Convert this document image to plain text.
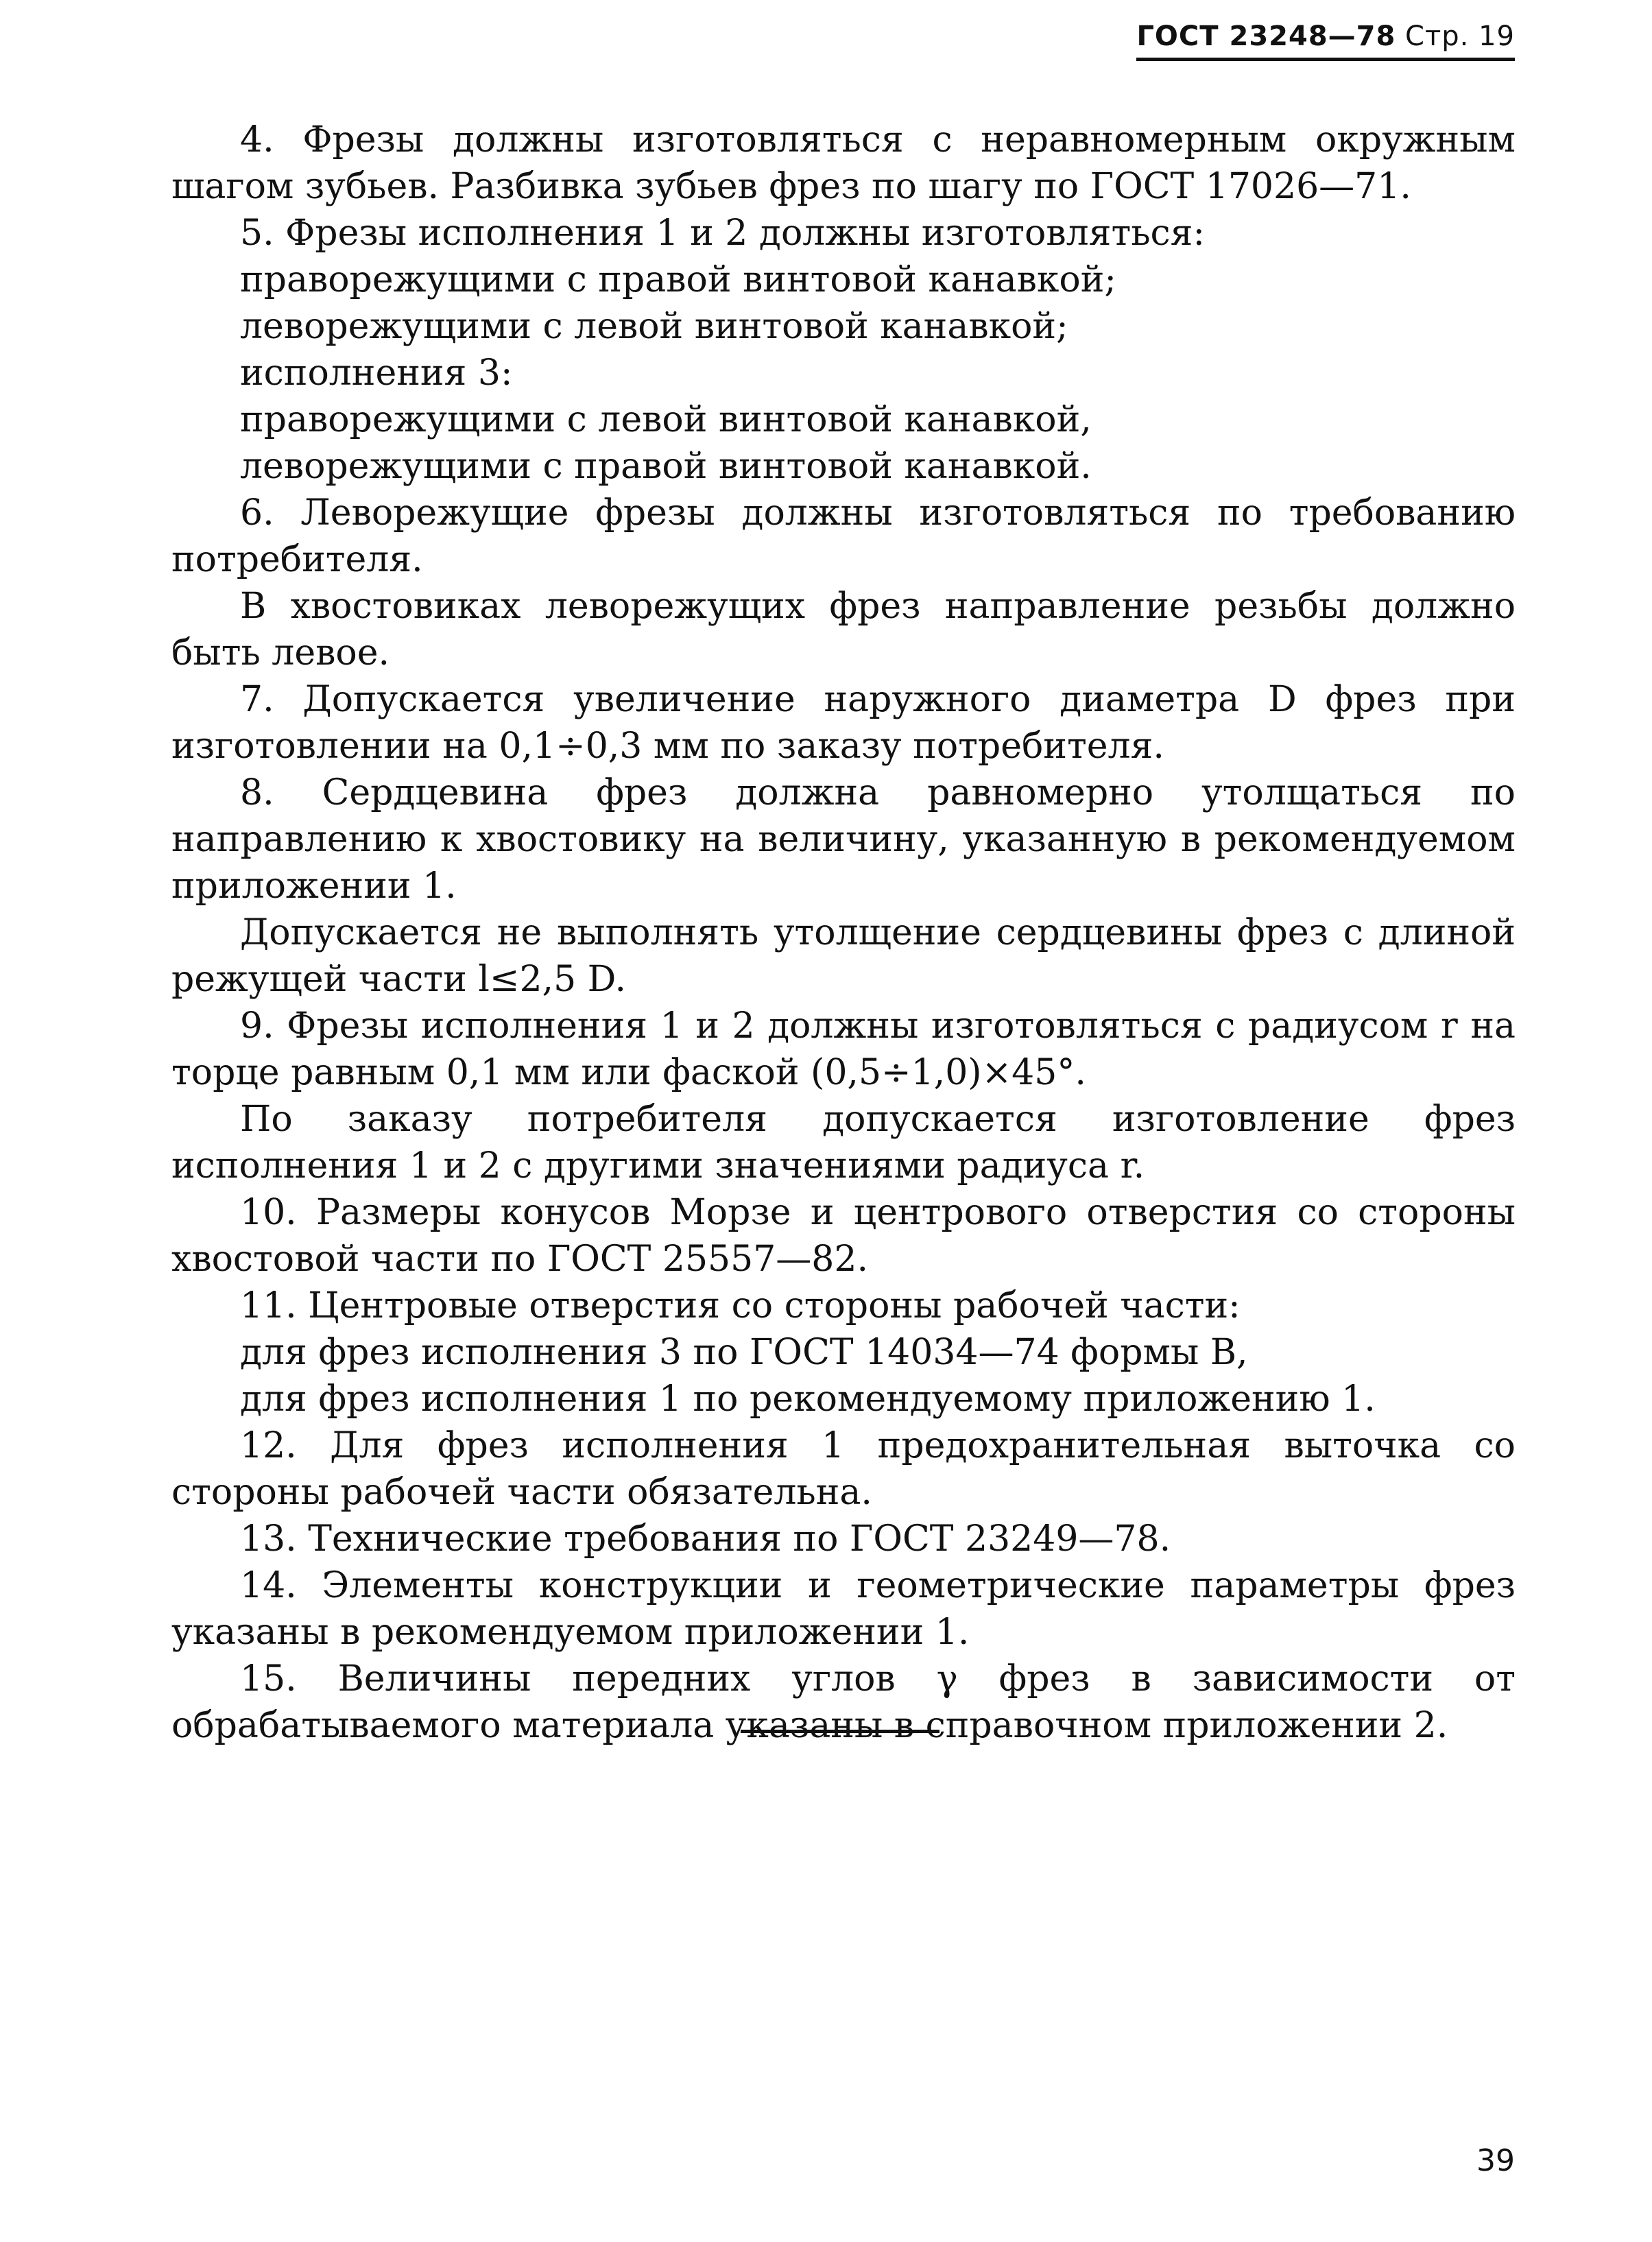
ГОСТ 23248—78 Стр. 19

4. Фрезы должны изготовляться с неравномерным окружным шагом зубьев. Разбивка зубьев фрез по шагу по ГОСТ 17026—71.

5. Фрезы исполнения 1 и 2 должны изготовляться:

праворежущими с правой винтовой канавкой;

леворежущими с левой винтовой канавкой;

исполнения 3:

праворежущими с левой винтовой канавкой,

леворежущими с правой винтовой канавкой.

6. Леворежущие фрезы должны изготовляться по требованию потребителя.

В хвостовиках леворежущих фрез направление резьбы должно быть левое.

7. Допускается увеличение наружного диаметра D фрез при изготовлении на 0,1÷0,3 мм по заказу потребителя.

8. Сердцевина фрез должна равномерно утолщаться по направлению к хвостовику на величину, указанную в рекомендуемом приложении 1.

Допускается не выполнять утолщение сердцевины фрез с длиной режущей части l≤2,5 D.

9. Фрезы исполнения 1 и 2 должны изготовляться с радиусом r на торце равным 0,1 мм или фаской (0,5÷1,0)×45°.

По заказу потребителя допускается изготовление фрез исполнения 1 и 2 с другими значениями радиуса r.

10. Размеры конусов Морзе и центрового отверстия со стороны хвостовой части по ГОСТ 25557—82.

11. Центровые отверстия со стороны рабочей части:

для фрез исполнения 3 по ГОСТ 14034—74 формы В,

для фрез исполнения 1 по рекомендуемому приложению 1.

12. Для фрез исполнения 1 предохранительная выточка со стороны рабочей части обязательна.

13. Технические требования по ГОСТ 23249—78.

14. Элементы конструкции и геометрические параметры фрез указаны в рекомендуемом приложении 1.

15. Величины передних углов γ фрез в зависимости от обрабатываемого материала указаны в справочном приложении 2.

39
